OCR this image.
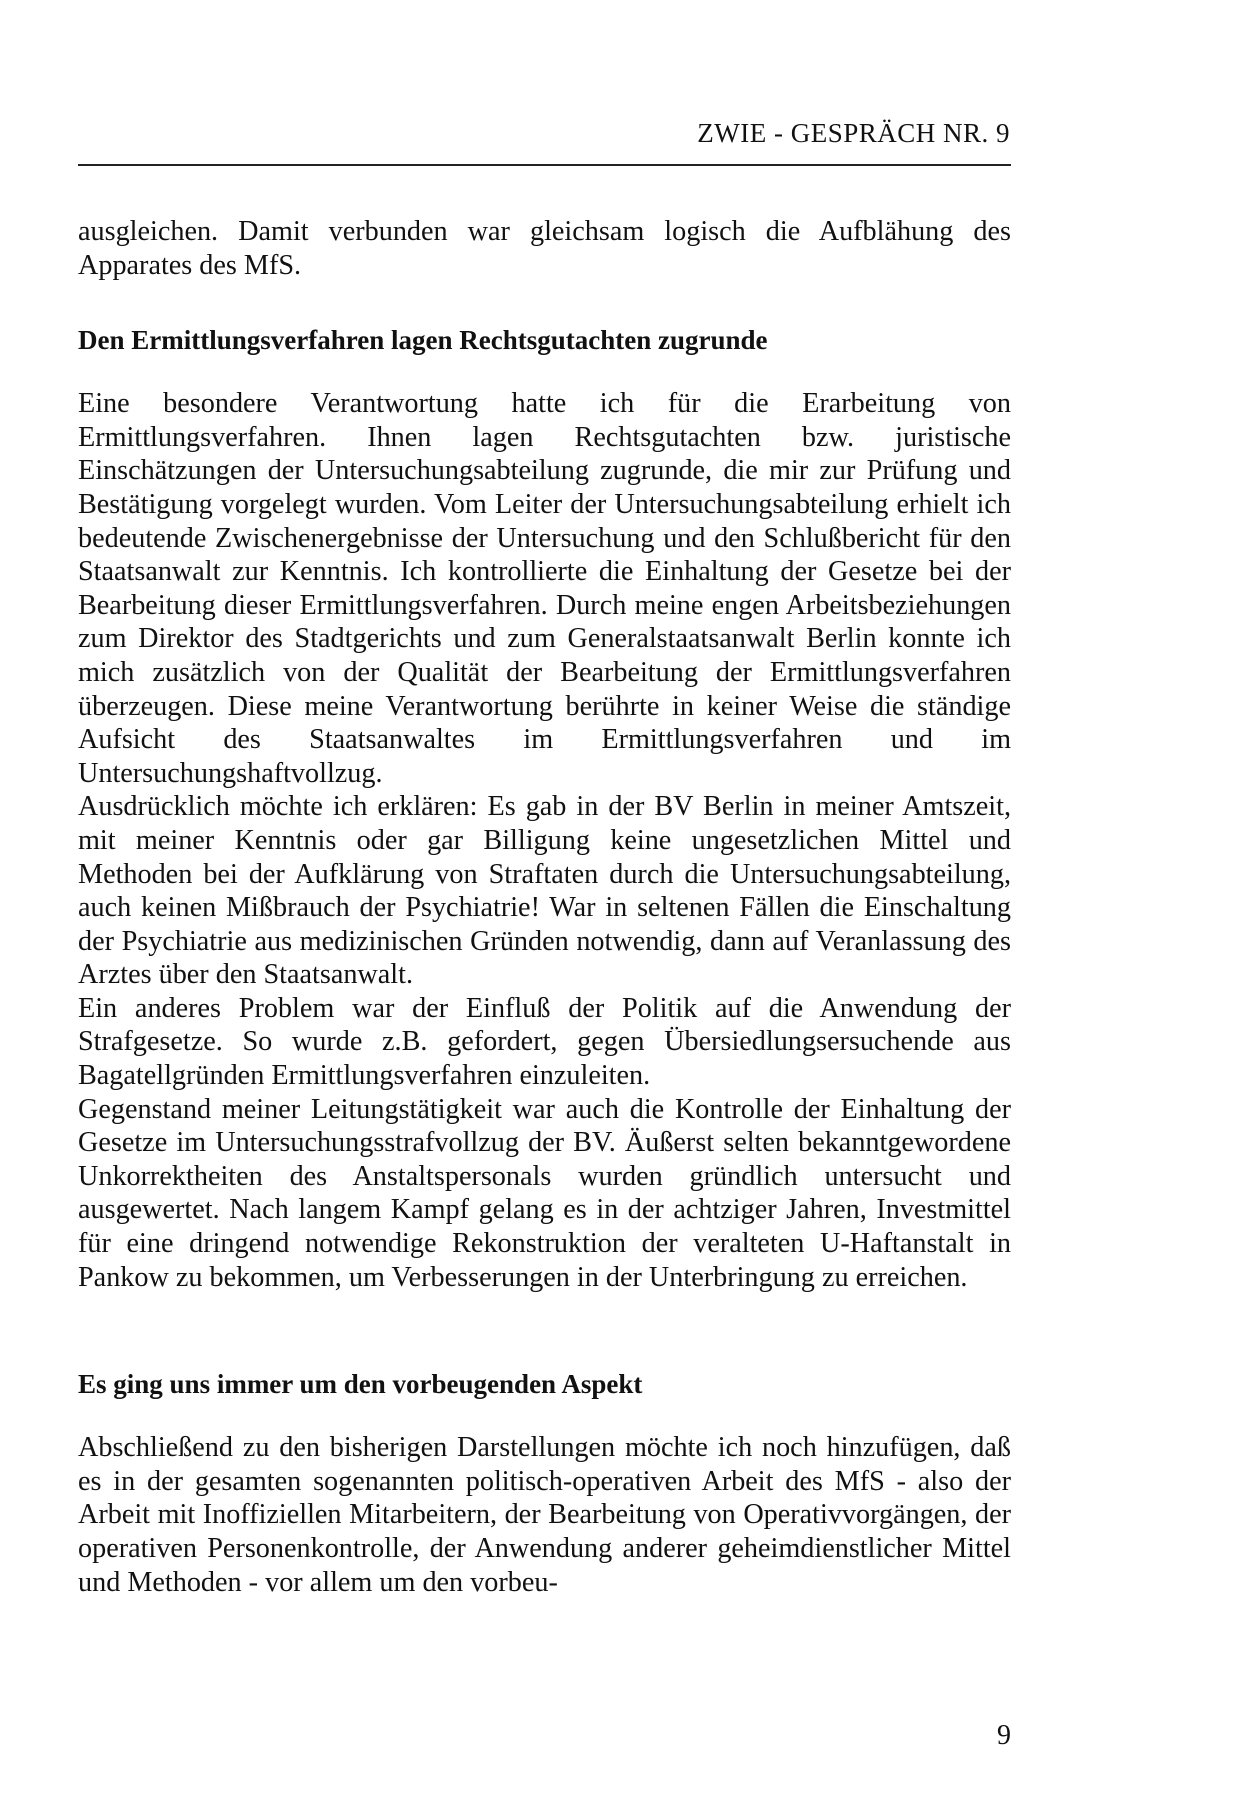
ZWIE - GESPRÄCH NR. 9

ausgleichen. Damit verbunden war gleichsam logisch die Aufblähung des Apparates des MfS.

Den Ermittlungsverfahren lagen Rechtsgutachten zugrunde

Eine besondere Verantwortung hatte ich für die Erarbeitung von Ermittlungsverfahren. Ihnen lagen Rechtsgutachten bzw. juristische Einschätzungen der Untersuchungsabteilung zugrunde, die mir zur Prüfung und Bestätigung vorgelegt wurden. Vom Leiter der Untersuchungsabteilung erhielt ich bedeutende Zwischenergebnisse der Untersuchung und den Schlußbericht für den Staatsanwalt zur Kenntnis. Ich kontrollierte die Einhaltung der Gesetze bei der Bearbeitung dieser Ermittlungsverfahren. Durch meine engen Arbeitsbeziehungen zum Direktor des Stadtgerichts und zum Generalstaatsanwalt Berlin konnte ich mich zusätzlich von der Qualität der Bearbeitung der Ermittlungsverfahren überzeugen. Diese meine Verantwortung berührte in keiner Weise die ständige Aufsicht des Staatsanwaltes im Ermittlungsverfahren und im Untersuchungshaftvollzug.

Ausdrücklich möchte ich erklären: Es gab in der BV Berlin in meiner Amtszeit, mit meiner Kenntnis oder gar Billigung keine ungesetzlichen Mittel und Methoden bei der Aufklärung von Straftaten durch die Untersuchungsabteilung, auch keinen Mißbrauch der Psychiatrie! War in seltenen Fällen die Einschaltung der Psychiatrie aus medizinischen Gründen notwendig, dann auf Veranlassung des Arztes über den Staatsanwalt.

Ein anderes Problem war der Einfluß der Politik auf die Anwendung der Strafgesetze. So wurde z.B. gefordert, gegen Übersiedlungsersuchende aus Bagatellgründen Ermittlungsverfahren einzuleiten.

Gegenstand meiner Leitungstätigkeit war auch die Kontrolle der Einhaltung der Gesetze im Untersuchungsstrafvollzug der BV. Äußerst selten bekanntgewordene Unkorrektheiten des Anstaltspersonals wurden gründlich untersucht und ausgewertet. Nach langem Kampf gelang es in der achtziger Jahren, Investmittel für eine dringend notwendige Rekonstruktion der veralteten U-Haftanstalt in Pankow zu bekommen, um Verbesserungen in der Unterbringung zu erreichen.

Es ging uns immer um den vorbeugenden Aspekt

Abschließend zu den bisherigen Darstellungen möchte ich noch hinzufügen, daß es in der gesamten sogenannten politisch-operativen Arbeit des MfS - also der Arbeit mit Inoffiziellen Mitarbeitern, der Bearbeitung von Operativvorgängen, der operativen Personenkontrolle, der Anwendung anderer geheimdienstlicher Mittel und Methoden - vor allem um den vorbeu-

9
